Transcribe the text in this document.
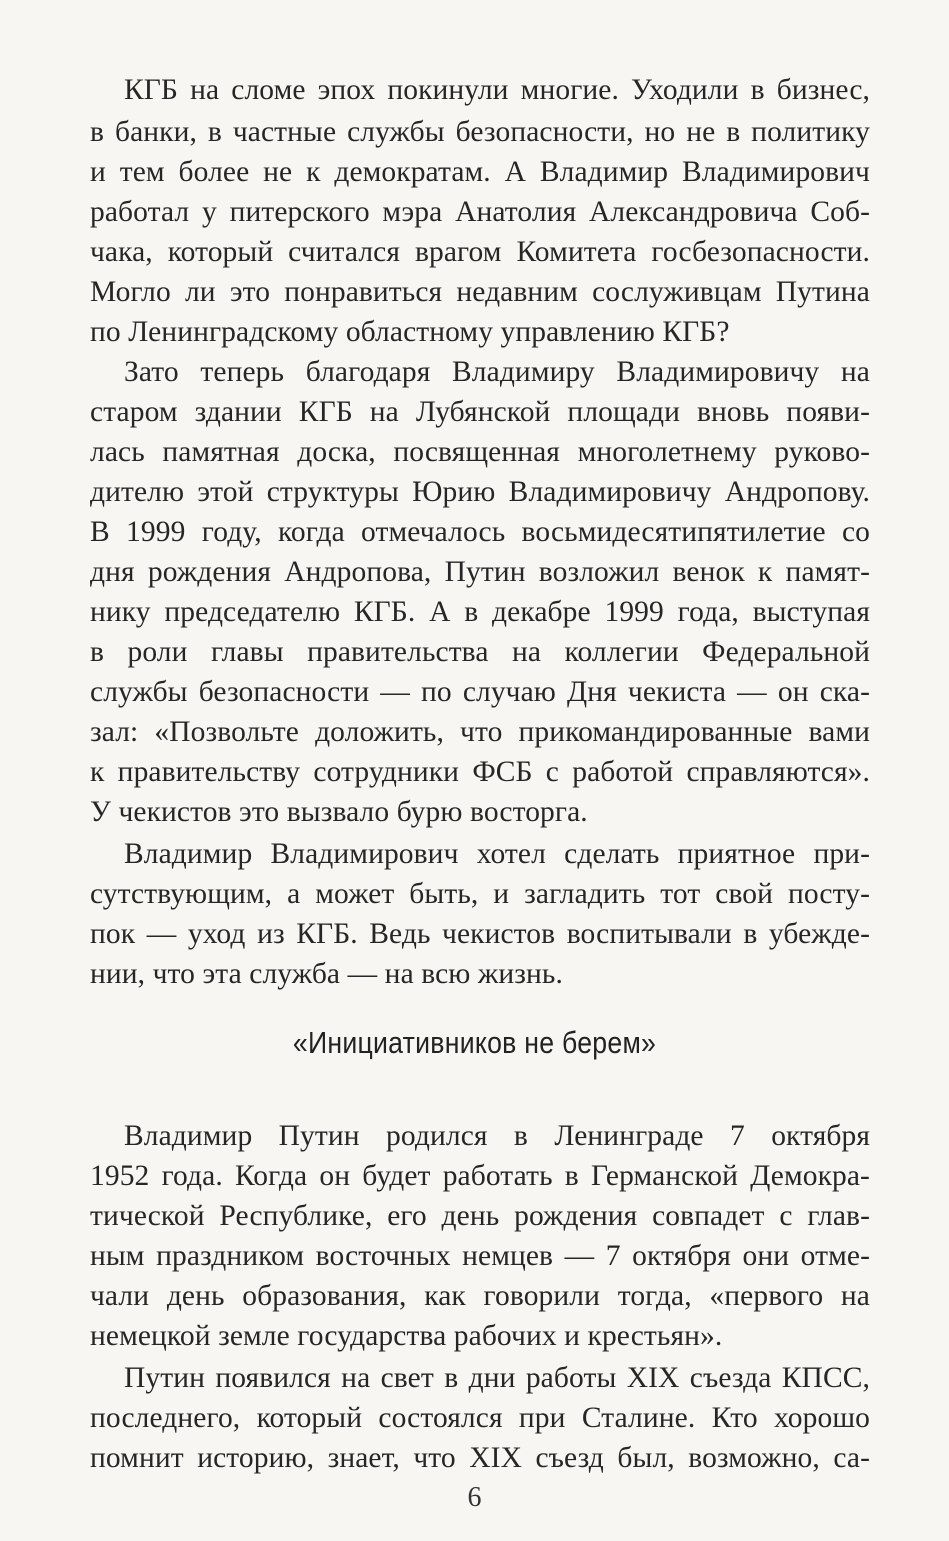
КГБ на сломе эпох покинули многие. Уходили в бизнес,
в банки, в частные службы безопасности, но не в политику
и тем более не к демократам. А Владимир Владимирович
работал у питерского мэра Анатолия Александровича Соб-
чака, который считался врагом Комитета госбезопасности.
Могло ли это понравиться недавним сослуживцам Путина
по Ленинградскому областному управлению КГБ?
Зато теперь благодаря Владимиру Владимировичу на
старом здании КГБ на Лубянской площади вновь появи-
лась памятная доска, посвященная многолетнему руково-
дителю этой структуры Юрию Владимировичу Андропову.
В 1999 году, когда отмечалось восьмидесятипятилетие со
дня рождения Андропова, Путин возложил венок к памят-
нику председателю КГБ. А в декабре 1999 года, выступая
в роли главы правительства на коллегии Федеральной
службы безопасности — по случаю Дня чекиста — он ска-
зал: «Позвольте доложить, что прикомандированные вами
к правительству сотрудники ФСБ с работой справляются».
У чекистов это вызвало бурю восторга.
Владимир Владимирович хотел сделать приятное при-
сутствующим, а может быть, и загладить тот свой посту-
пок — уход из КГБ. Ведь чекистов воспитывали в убежде-
нии, что эта служба — на всю жизнь.
«Инициативников не берем»
Владимир Путин родился в Ленинграде 7 октября
1952 года. Когда он будет работать в Германской Демокра-
тической Республике, его день рождения совпадет с глав-
ным праздником восточных немцев — 7 октября они отме-
чали день образования, как говорили тогда, «первого на
немецкой земле государства рабочих и крестьян».
Путин появился на свет в дни работы XIX съезда КПСС,
последнего, который состоялся при Сталине. Кто хорошо
помнит историю, знает, что XIX съезд был, возможно, са-
6
